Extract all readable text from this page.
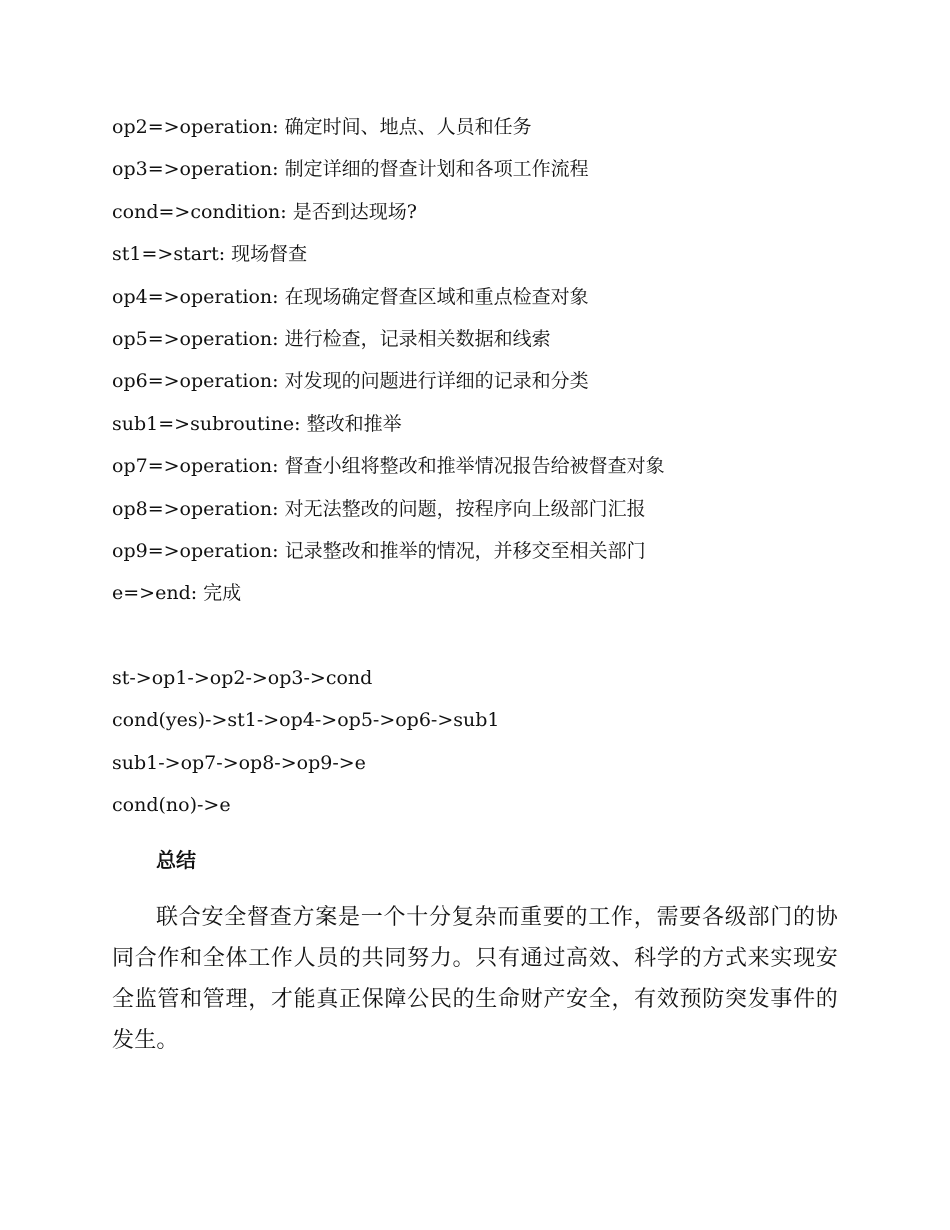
op2=>operation: 确定时间、地点、人员和任务
op3=>operation: 制定详细的督查计划和各项工作流程
cond=>condition: 是否到达现场?
st1=>start: 现场督查
op4=>operation: 在现场确定督查区域和重点检查对象
op5=>operation: 进行检查，记录相关数据和线索
op6=>operation: 对发现的问题进行详细的记录和分类
sub1=>subroutine: 整改和推举
op7=>operation: 督查小组将整改和推举情况报告给被督查对象
op8=>operation: 对无法整改的问题，按程序向上级部门汇报
op9=>operation: 记录整改和推举的情况，并移交至相关部门
e=>end: 完成
st->op1->op2->op3->cond
cond(yes)->st1->op4->op5->op6->sub1
sub1->op7->op8->op9->e
cond(no)->e
总结
联合安全督查方案是一个十分复杂而重要的工作，需要各级部门的协同合作和全体工作人员的共同努力。只有通过高效、科学的方式来实现安全监管和管理，才能真正保障公民的生命财产安全，有效预防突发事件的发生。
